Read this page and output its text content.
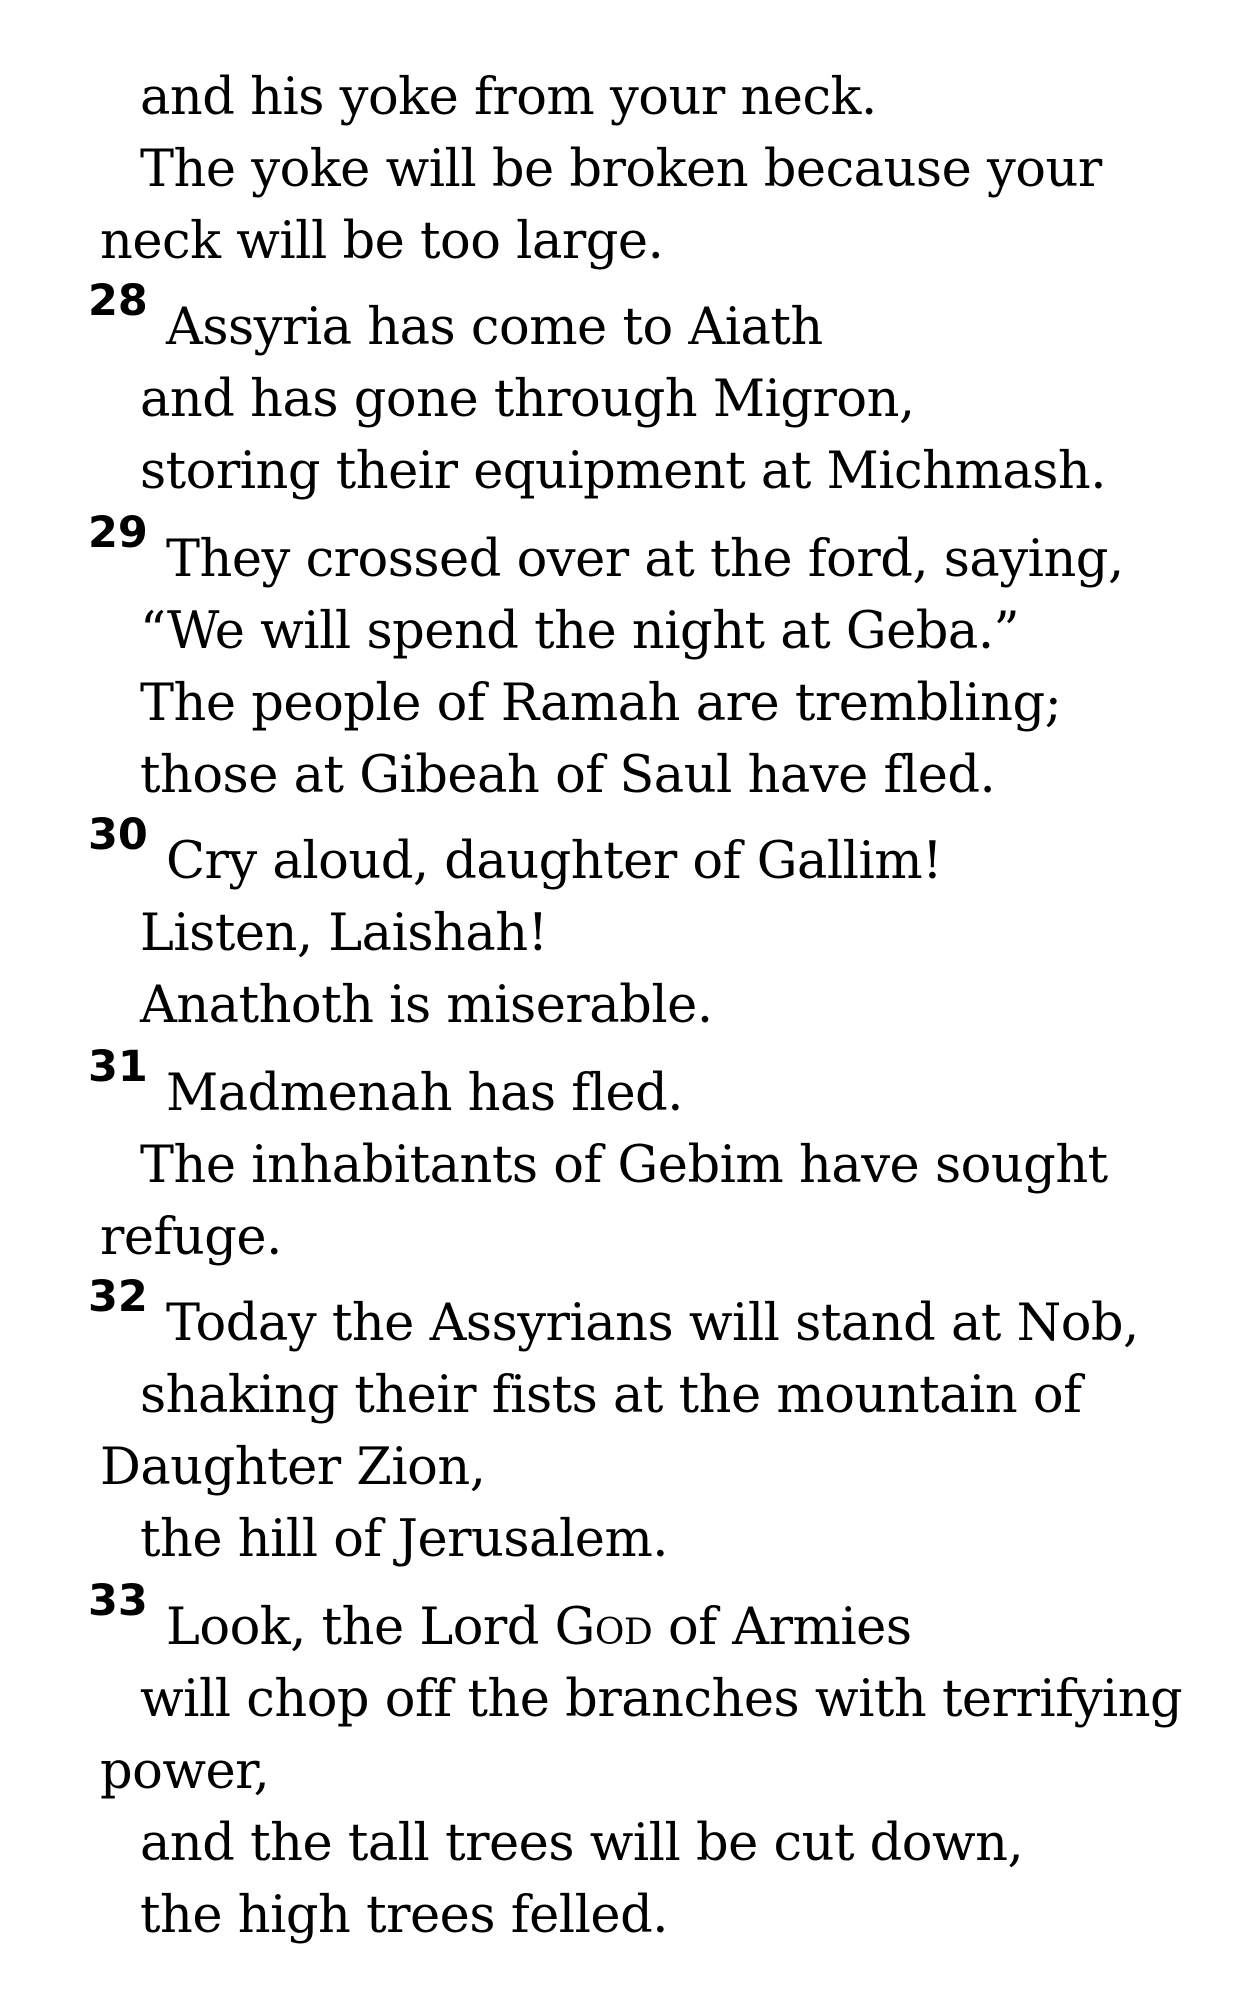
and his yoke from your neck.
The yoke will be broken because your
neck will be too large.
28 Assyria has come to Aiath
and has gone through Migron,
storing their equipment at Michmash.
29 They crossed over at the ford, saying,
“We will spend the night at Geba.”
The people of Ramah are trembling;
those at Gibeah of Saul have fled.
30 Cry aloud, daughter of Gallim!
Listen, Laishah!
Anathoth is miserable.
31 Madmenah has fled.
The inhabitants of Gebim have sought
refuge.
32 Today the Assyrians will stand at Nob,
shaking their fists at the mountain of
Daughter Zion,
the hill of Jerusalem.
33 Look, the Lord God of Armies
will chop off the branches with terrifying
power,
and the tall trees will be cut down,
the high trees felled.
